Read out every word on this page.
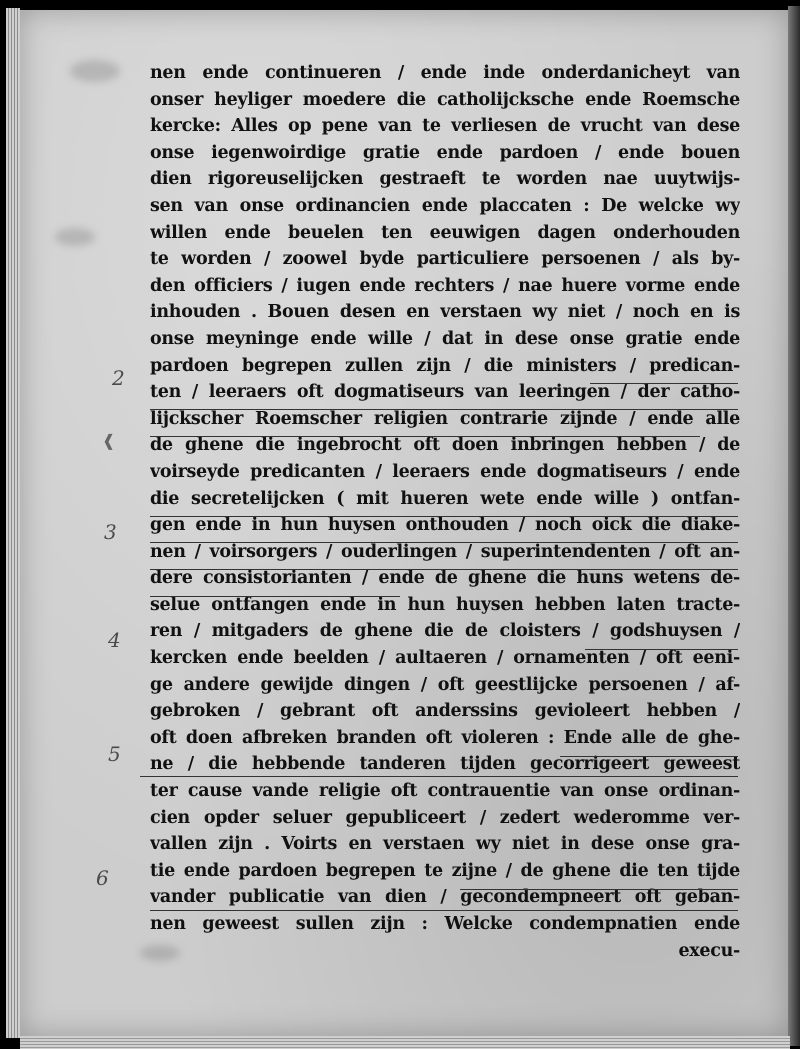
nen ende continueren / ende inde onderdanicheyt van
onser heyliger moedere die catholijcksche ende Roemsche
kercke: Alles op pene van te verliesen de vrucht van dese
onse iegenwoirdige gratie ende pardoen / ende bouen
dien rigoreuselijcken gestraeft te worden nae uuytwijs-
sen van onse ordinancien ende placcaten : De welcke wy
willen ende beuelen ten eeuwigen dagen onderhouden
te worden / zoowel byde particuliere persoenen / als by-
den officiers / iugen ende rechters / nae huere vorme ende
inhouden . Bouen desen en verstaen wy niet / noch en is
onse meyninge ende wille / dat in dese onse gratie ende
pardoen begrepen zullen zijn / die ministers / predican-
ten / leeraers oft dogmatiseurs van leeringen / der catho-
lijckscher Roemscher religien contrarie zijnde / ende alle
de ghene die ingebrocht oft doen inbringen hebben / de
voirseyde predicanten / leeraers ende dogmatiseurs / ende
die secretelijcken ( mit hueren wete ende wille ) ontfan-
gen ende in hun huysen onthouden / noch oick die diake-
nen / voirsorgers / ouderlingen / superintendenten / oft an-
dere consistorianten / ende de ghene die huns wetens de-
selue ontfangen ende in hun huysen hebben laten tracte-
ren / mitgaders de ghene die de cloisters / godshuysen /
kercken ende beelden / aultaeren / ornamenten / oft eeni-
ge andere gewijde dingen / oft geestlijcke persoenen / af-
gebroken / gebrant oft anderssins geviolееrt hebben /
oft doen afbreken branden oft violeren : Ende alle de ghe-
ne / die hebbende tanderen tijden gecorrigeert geweest
ter cause vande religie oft contrauentie van onse ordinan-
cien opder seluer gepubliceert / zedert wederomme ver-
vallen zijn . Voirts en verstaen wy niet in dese onse gra-
tie ende pardoen begrepen te zijne / de ghene die ten tijde
vander publicatie van dien / gecondempneert oft geban-
nen geweest sullen zijn : Welcke condempnatien ende
execu-
2
❰
3
4
5
6
